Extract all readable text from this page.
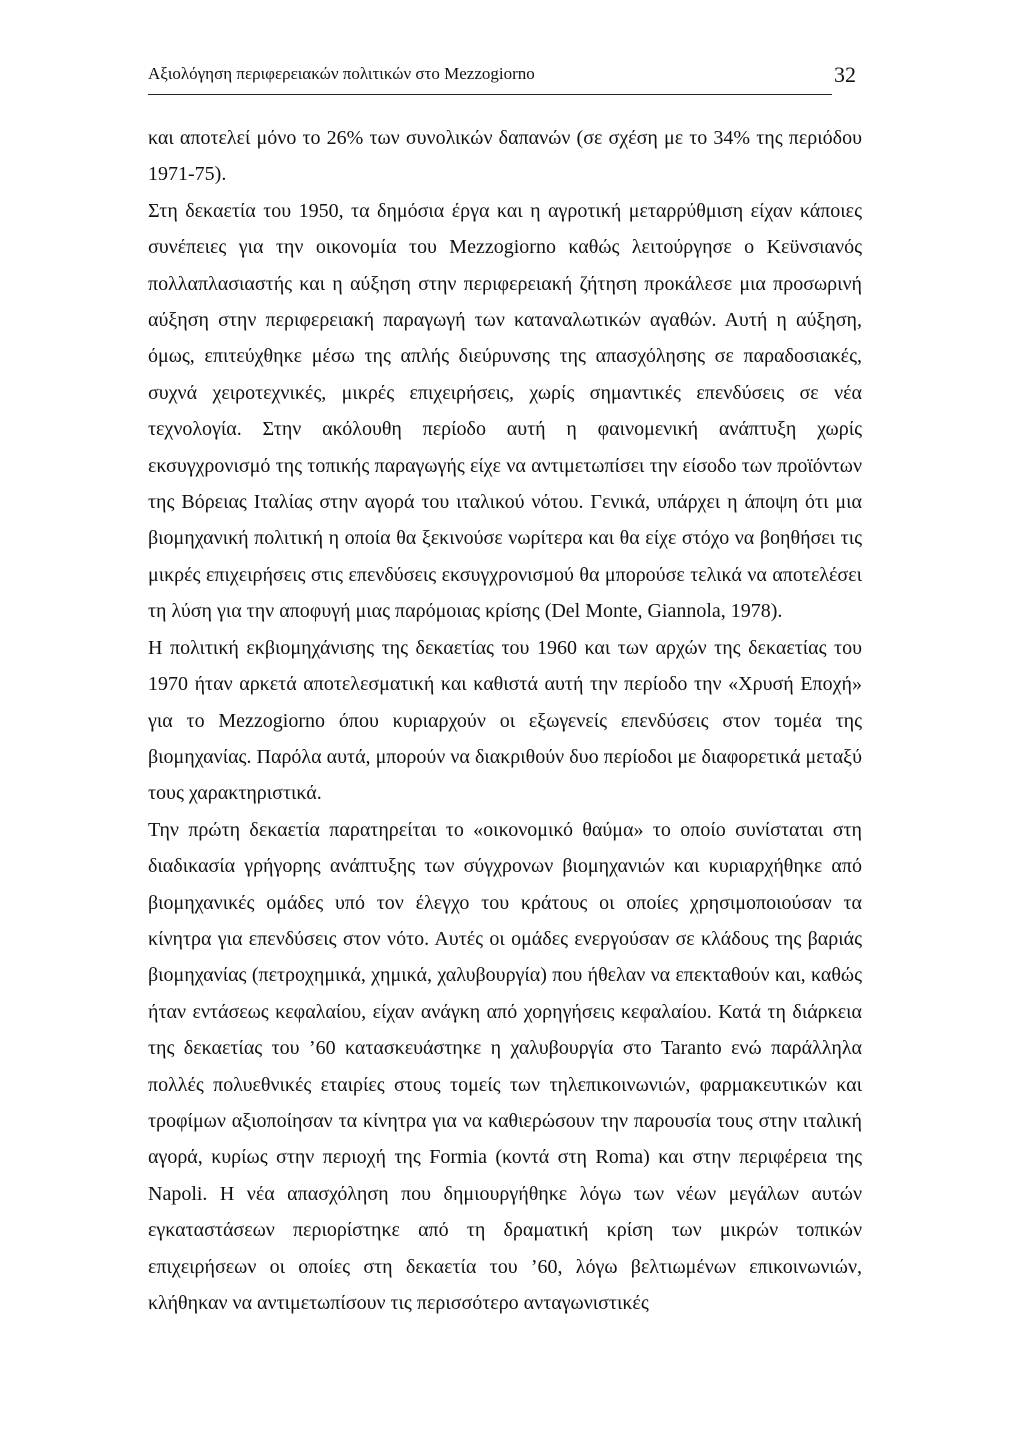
Αξιολόγηση περιφερειακών πολιτικών στο Mezzogiorno	32

και αποτελεί μόνο το 26% των συνολικών δαπανών (σε σχέση με το 34% της περιόδου 1971-75).

Στη δεκαετία του 1950, τα δημόσια έργα και η αγροτική μεταρρύθμιση είχαν κάποιες συνέπειες για την οικονομία του Mezzogiorno καθώς λειτούργησε ο Κεϋνσιανός πολλαπλασιαστής και η αύξηση στην περιφερειακή ζήτηση προκάλεσε μια προσωρινή αύξηση στην περιφερειακή παραγωγή των καταναλωτικών αγαθών. Αυτή η αύξηση, όμως, επιτεύχθηκε μέσω της απλής διεύρυνσης της απασχόλησης σε παραδοσιακές, συχνά χειροτεχνικές, μικρές επιχειρήσεις, χωρίς σημαντικές επενδύσεις σε νέα τεχνολογία. Στην ακόλουθη περίοδο αυτή η φαινομενική ανάπτυξη χωρίς εκσυγχρονισμό της τοπικής παραγωγής είχε να αντιμετωπίσει την είσοδο των προϊόντων της Βόρειας Ιταλίας στην αγορά του ιταλικού νότου. Γενικά, υπάρχει η άποψη ότι μια βιομηχανική πολιτική η οποία θα ξεκινούσε νωρίτερα και θα είχε στόχο να βοηθήσει τις μικρές επιχειρήσεις στις επενδύσεις εκσυγχρονισμού θα μπορούσε τελικά να αποτελέσει τη λύση για την αποφυγή μιας παρόμοιας κρίσης (Del Monte, Giannola, 1978).

Η πολιτική εκβιομηχάνισης της δεκαετίας του 1960 και των αρχών της δεκαετίας του 1970 ήταν αρκετά αποτελεσματική και καθιστά αυτή την περίοδο την «Χρυσή Εποχή» για το Mezzogiorno όπου κυριαρχούν οι εξωγενείς επενδύσεις στον τομέα της βιομηχανίας. Παρόλα αυτά, μπορούν να διακριθούν δυο περίοδοι με διαφορετικά μεταξύ τους χαρακτηριστικά.

Την πρώτη δεκαετία παρατηρείται το «οικονομικό θαύμα» το οποίο συνίσταται στη διαδικασία γρήγορης ανάπτυξης των σύγχρονων βιομηχανιών και κυριαρχήθηκε από βιομηχανικές ομάδες υπό τον έλεγχο του κράτους οι οποίες χρησιμοποιούσαν τα κίνητρα για επενδύσεις στον νότο. Αυτές οι ομάδες ενεργούσαν σε κλάδους της βαριάς βιομηχανίας (πετροχημικά, χημικά, χαλυβουργία) που ήθελαν να επεκταθούν και, καθώς ήταν εντάσεως κεφαλαίου, είχαν ανάγκη από χορηγήσεις κεφαλαίου. Κατά τη διάρκεια της δεκαετίας του ’60 κατασκευάστηκε η χαλυβουργία στο Taranto ενώ παράλληλα πολλές πολυεθνικές εταιρίες στους τομείς των τηλεπικοινωνιών, φαρμακευτικών και τροφίμων αξιοποίησαν τα κίνητρα για να καθιερώσουν την παρουσία τους στην ιταλική αγορά, κυρίως στην περιοχή της Formia (κοντά στη Roma) και στην περιφέρεια της Napoli. Η νέα απασχόληση που δημιουργήθηκε λόγω των νέων μεγάλων αυτών εγκαταστάσεων περιορίστηκε από τη δραματική κρίση των μικρών τοπικών επιχειρήσεων οι οποίες στη δεκαετία του ’60, λόγω βελτιωμένων επικοινωνιών, κλήθηκαν να αντιμετωπίσουν τις περισσότερο ανταγωνιστικές
